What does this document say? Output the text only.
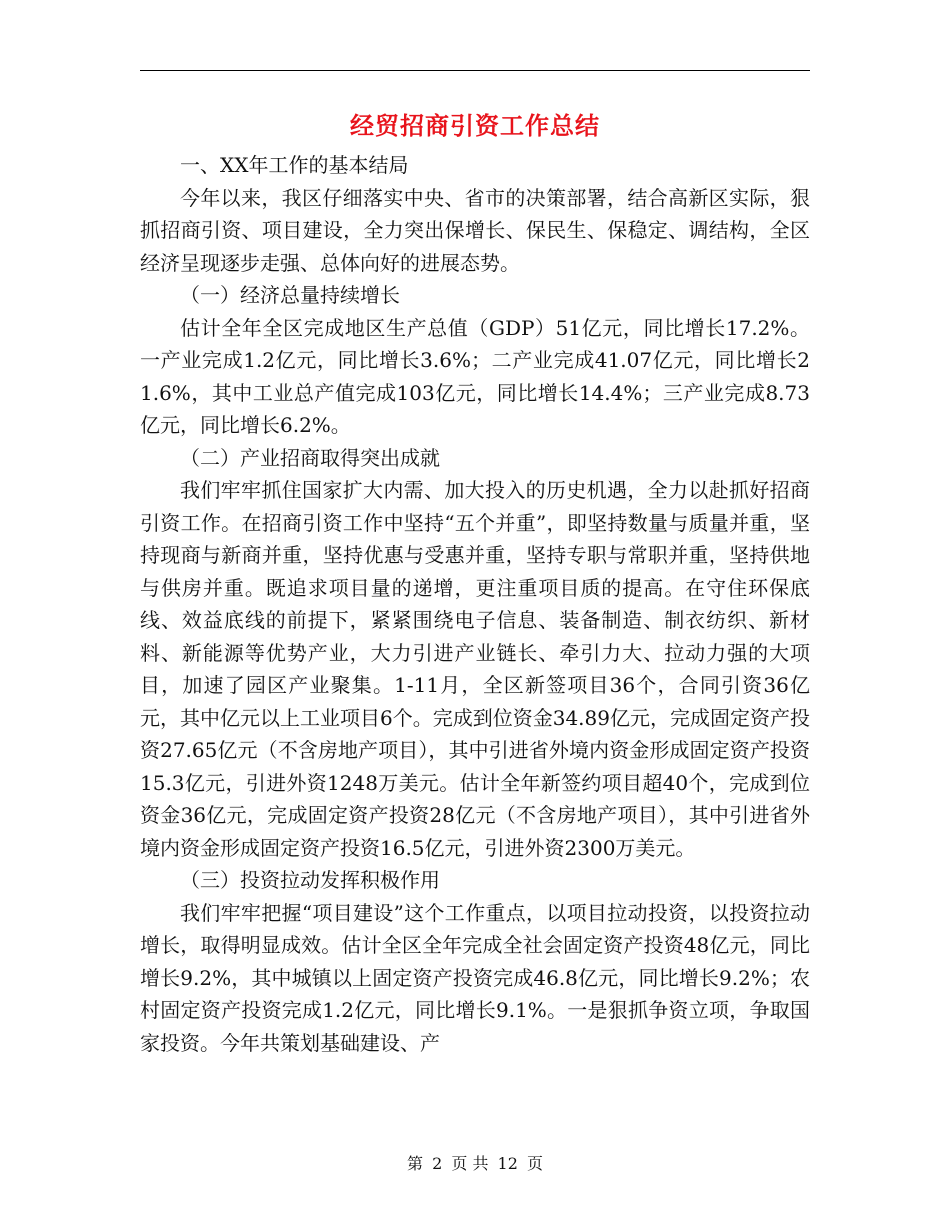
经贸招商引资工作总结

一、XX年工作的基本结局

今年以来，我区仔细落实中央、省市的决策部署，结合高新区实际，狠抓招商引资、项目建设，全力突出保增长、保民生、保稳定、调结构，全区经济呈现逐步走强、总体向好的进展态势。

（一）经济总量持续增长

估计全年全区完成地区生产总值（GDP）51亿元，同比增长17.2%。一产业完成1.2亿元，同比增长3.6%；二产业完成41.07亿元，同比增长21.6%，其中工业总产值完成103亿元，同比增长14.4%；三产业完成8.73亿元，同比增长6.2%。

（二）产业招商取得突出成就

我们牢牢抓住国家扩大内需、加大投入的历史机遇，全力以赴抓好招商引资工作。在招商引资工作中坚持“五个并重”，即坚持数量与质量并重，坚持现商与新商并重，坚持优惠与受惠并重，坚持专职与常职并重，坚持供地与供房并重。既追求项目量的递增，更注重项目质的提高。在守住环保底线、效益底线的前提下，紧紧围绕电子信息、装备制造、制衣纺织、新材料、新能源等优势产业，大力引进产业链长、牵引力大、拉动力强的大项目，加速了园区产业聚集。1-11月，全区新签项目36个，合同引资36亿元，其中亿元以上工业项目6个。完成到位资金34.89亿元，完成固定资产投资27.65亿元（不含房地产项目），其中引进省外境内资金形成固定资产投资15.3亿元，引进外资1248万美元。估计全年新签约项目超40个，完成到位资金36亿元，完成固定资产投资28亿元（不含房地产项目），其中引进省外境内资金形成固定资产投资16.5亿元，引进外资2300万美元。

（三）投资拉动发挥积极作用

我们牢牢把握“项目建设”这个工作重点，以项目拉动投资，以投资拉动增长，取得明显成效。估计全区全年完成全社会固定资产投资48亿元，同比增长9.2%，其中城镇以上固定资产投资完成46.8亿元，同比增长9.2%；农村固定资产投资完成1.2亿元，同比增长9.1%。一是狠抓争资立项，争取国家投资。今年共策划基础建设、产

第 2 页 共 12 页
